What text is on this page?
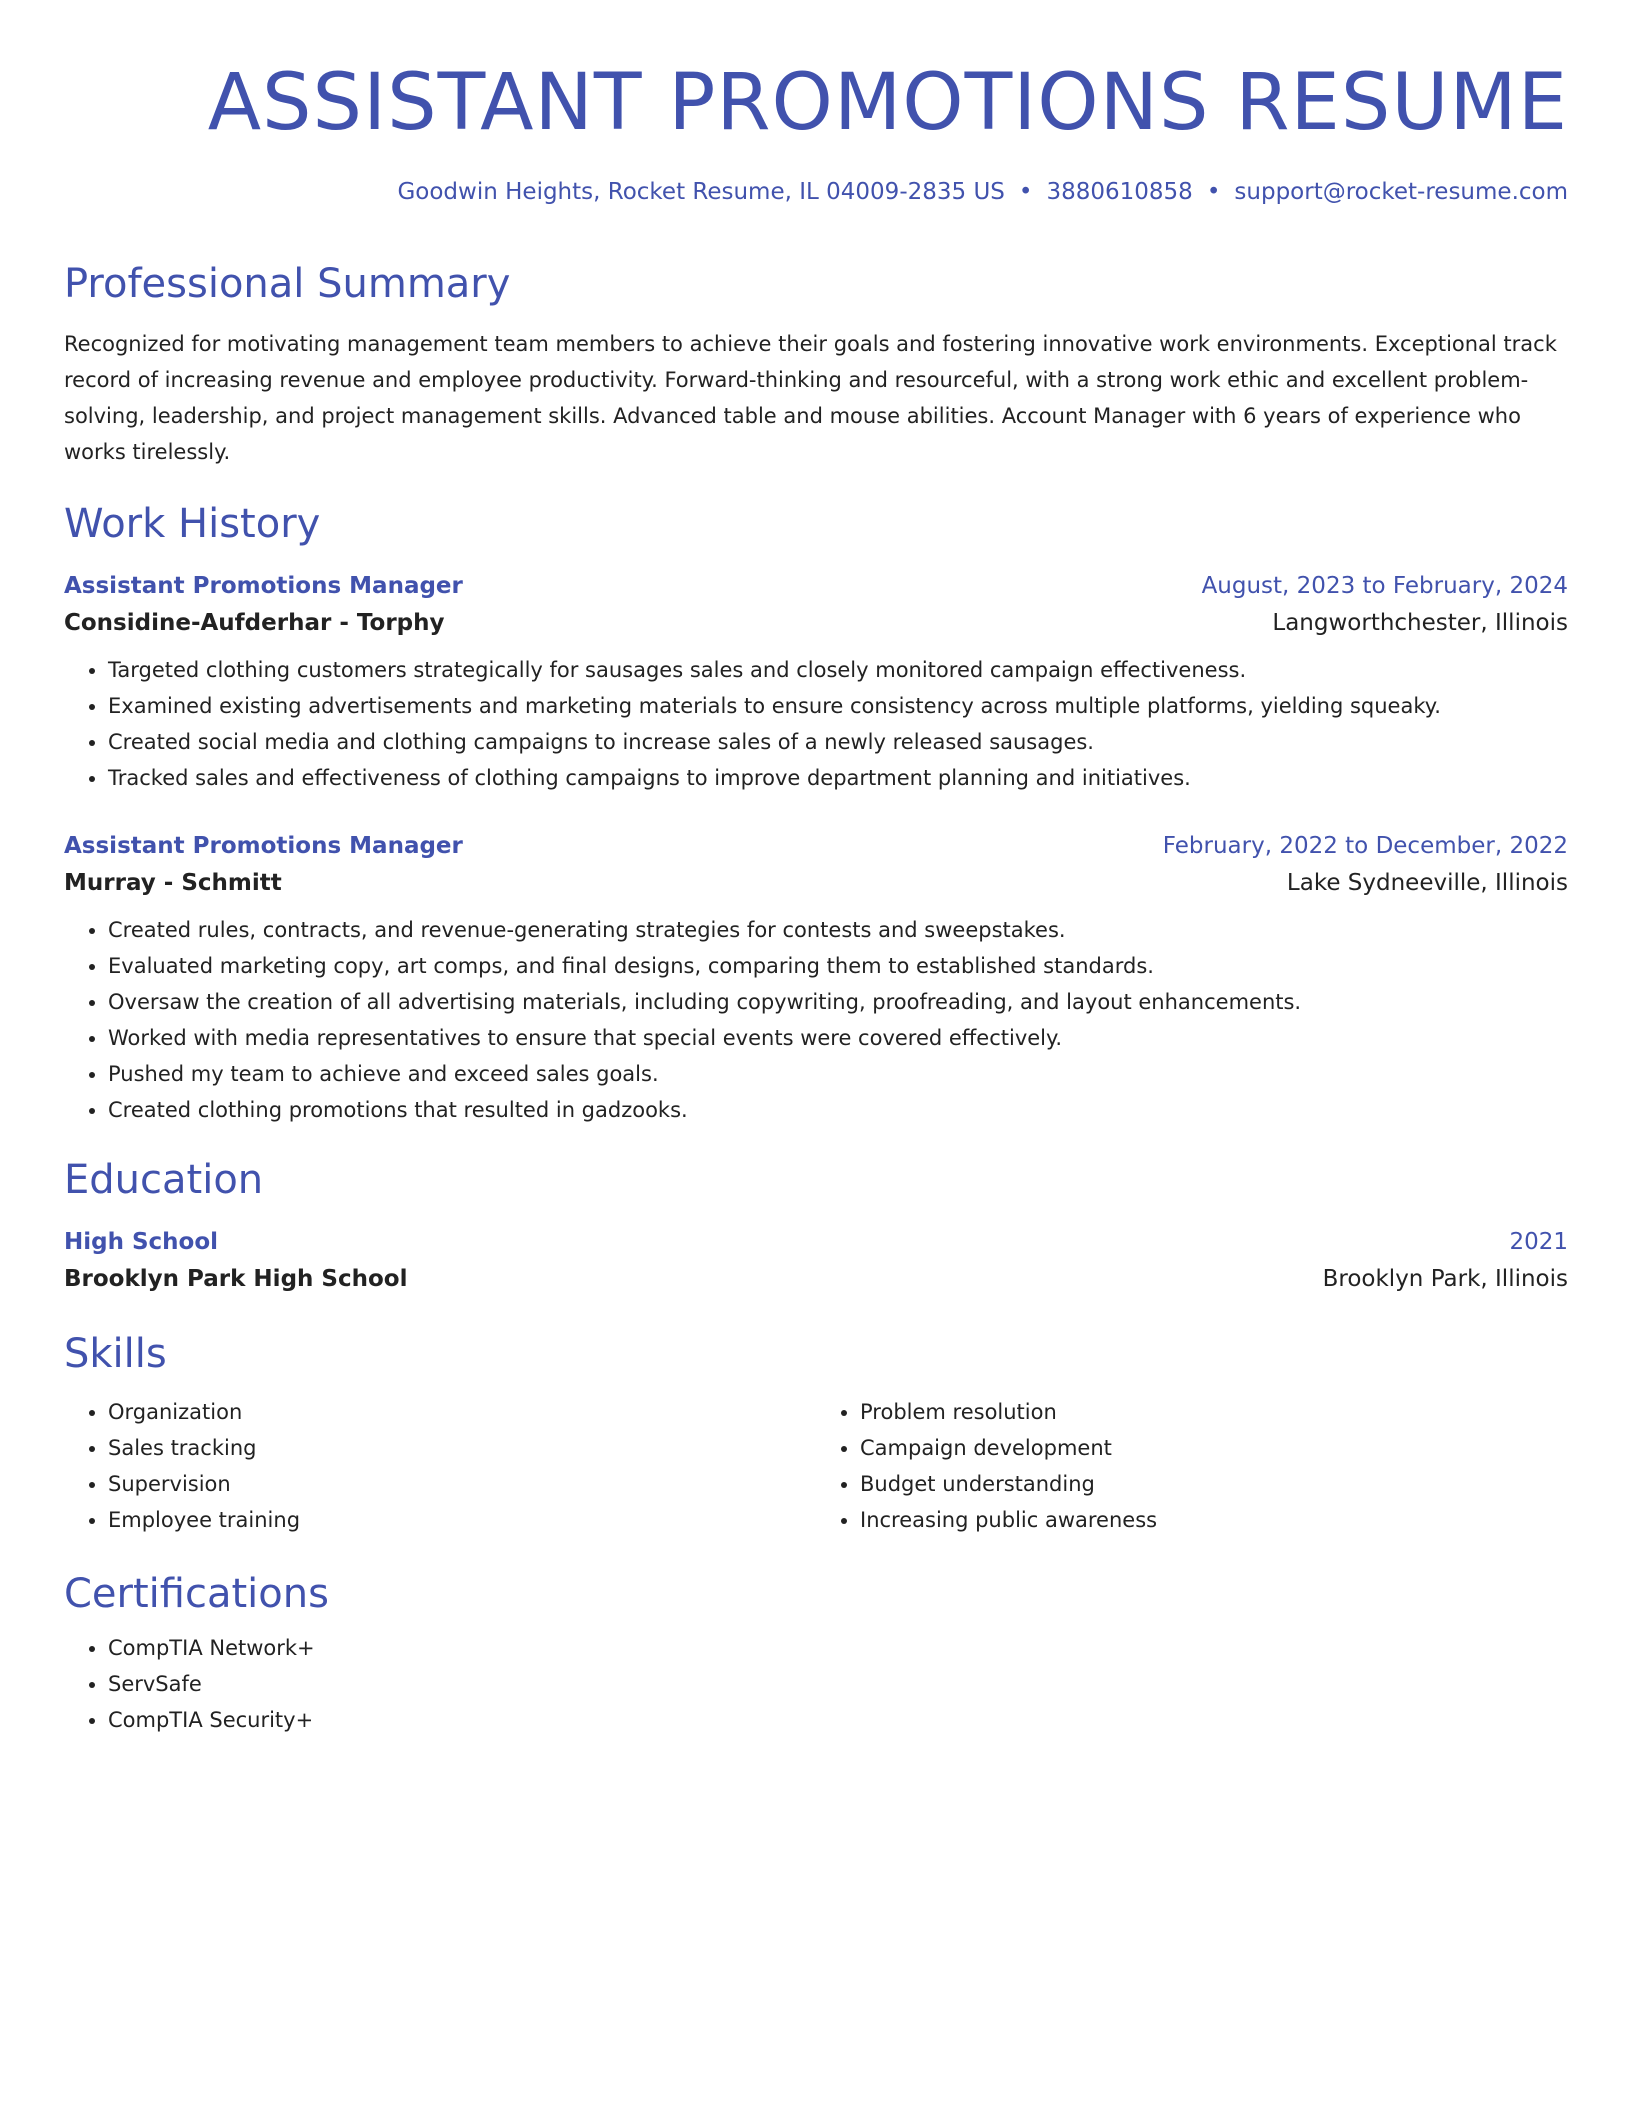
ASSISTANT PROMOTIONS RESUME
Goodwin Heights, Rocket Resume, IL 04009-2835 US • 3880610858 • support@rocket-resume.com
Professional Summary

Recognized for motivating management team members to achieve their goals and fostering innovative work environments. Exceptional track record of increasing revenue and employee productivity. Forward-thinking and resourceful, with a strong work ethic and excellent problem-solving, leadership, and project management skills. Advanced table and mouse abilities. Account Manager with 6 years of experience who works tirelessly.

Work History
Assistant Promotions Manager	August, 2023 to February, 2024
Considine-Aufderhar - Torphy	Langworthchester, Illinois
• Targeted clothing customers strategically for sausages sales and closely monitored campaign effectiveness.
• Examined existing advertisements and marketing materials to ensure consistency across multiple platforms, yielding squeaky.
• Created social media and clothing campaigns to increase sales of a newly released sausages.
• Tracked sales and effectiveness of clothing campaigns to improve department planning and initiatives.
Assistant Promotions Manager	February, 2022 to December, 2022
Murray - Schmitt	Lake Sydneeville, Illinois
• Created rules, contracts, and revenue-generating strategies for contests and sweepstakes.
• Evaluated marketing copy, art comps, and final designs, comparing them to established standards.
• Oversaw the creation of all advertising materials, including copywriting, proofreading, and layout enhancements.
• Worked with media representatives to ensure that special events were covered effectively.
• Pushed my team to achieve and exceed sales goals.
• Created clothing promotions that resulted in gadzooks.
Education
High School	2021
Brooklyn Park High School	Brooklyn Park, Illinois
Skills
• Organization
• Sales tracking
• Supervision
• Employee training
• Problem resolution
• Campaign development
• Budget understanding
• Increasing public awareness
Certifications
• CompTIA Network+
• ServSafe
• CompTIA Security+
